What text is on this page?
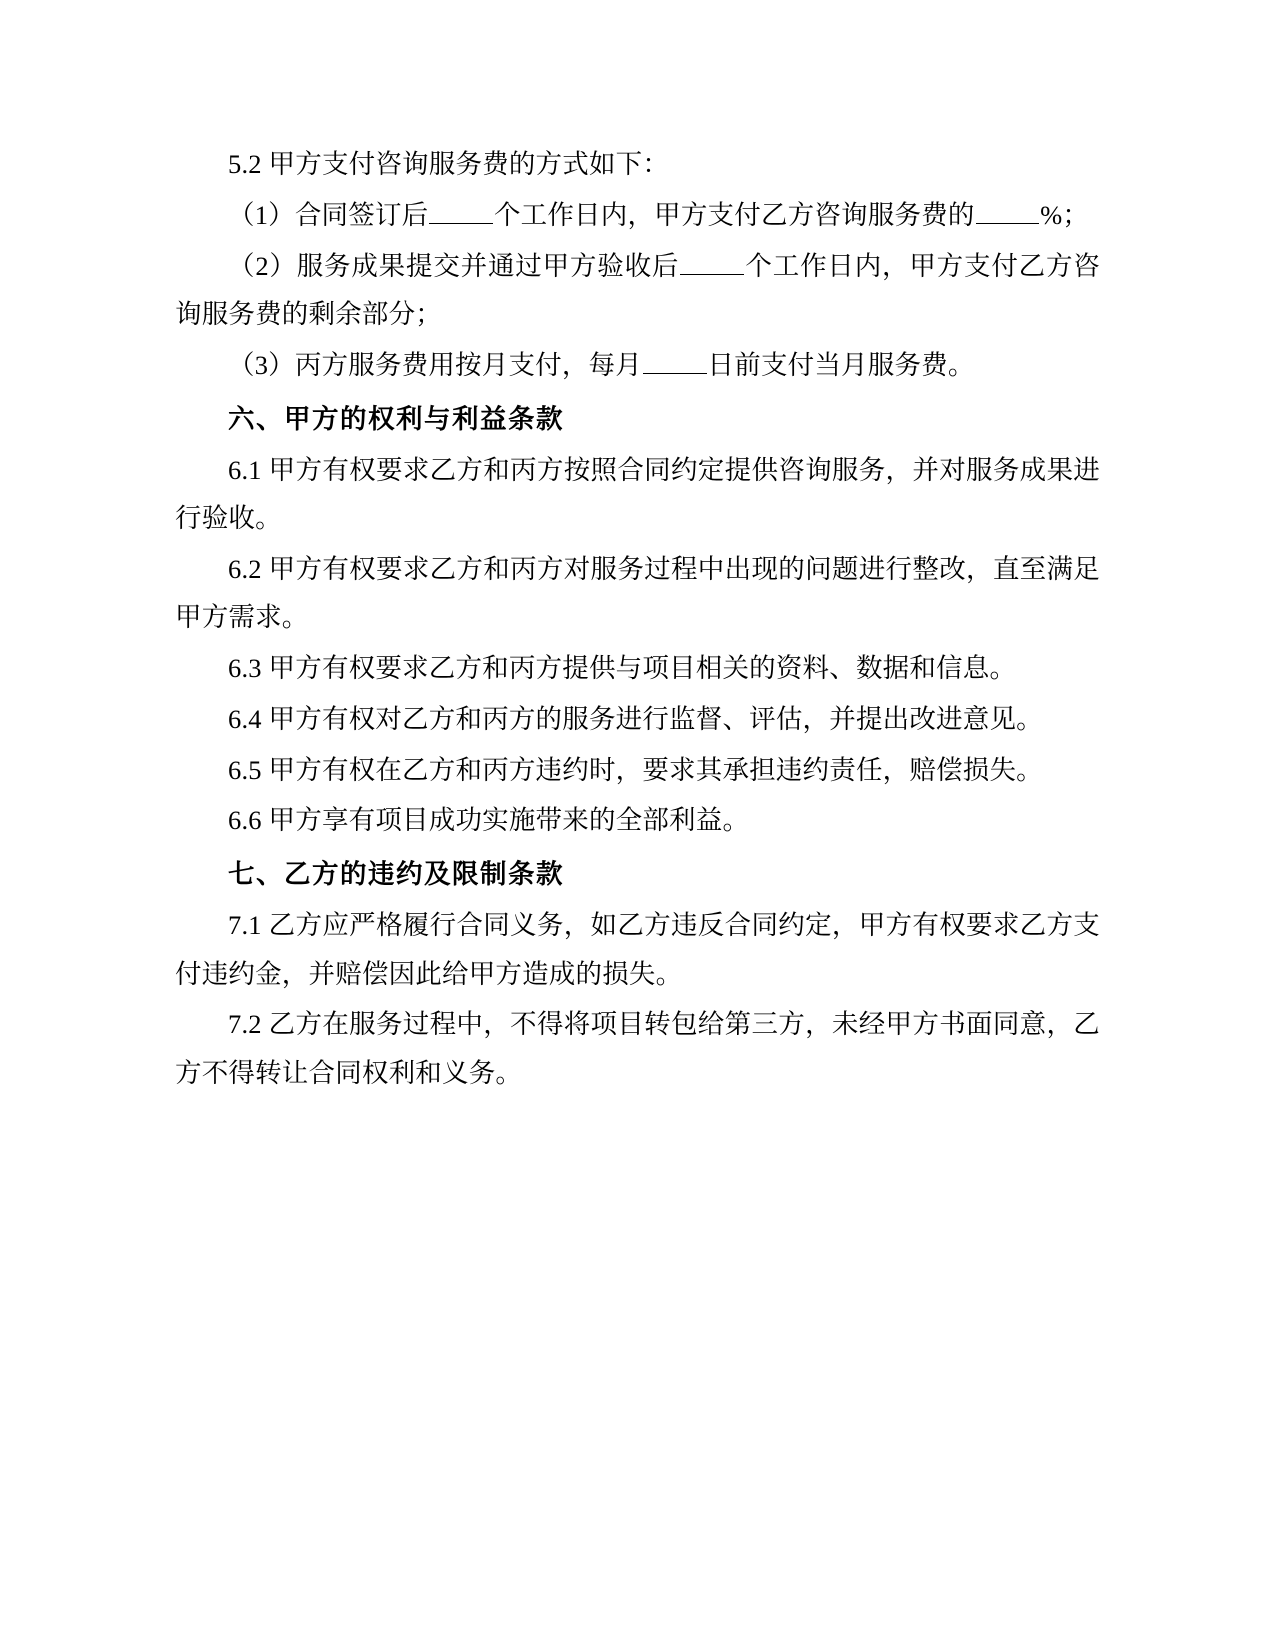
5.2 甲方支付咨询服务费的方式如下：

（1）合同签订后 个工作日内，甲方支付乙方咨询服务费的 %；

（2）服务成果提交并通过甲方验收后 个工作日内，甲方支付乙方咨询服务费的剩余部分；

（3）丙方服务费用按月支付，每月 日前支付当月服务费。

六、甲方的权利与利益条款

6.1 甲方有权要求乙方和丙方按照合同约定提供咨询服务，并对服务成果进行验收。

6.2 甲方有权要求乙方和丙方对服务过程中出现的问题进行整改，直至满足甲方需求。

6.3 甲方有权要求乙方和丙方提供与项目相关的资料、数据和信息。

6.4 甲方有权对乙方和丙方的服务进行监督、评估，并提出改进意见。

6.5 甲方有权在乙方和丙方违约时，要求其承担违约责任，赔偿损失。

6.6 甲方享有项目成功实施带来的全部利益。

七、乙方的违约及限制条款

7.1 乙方应严格履行合同义务，如乙方违反合同约定，甲方有权要求乙方支付违约金，并赔偿因此给甲方造成的损失。

7.2 乙方在服务过程中，不得将项目转包给第三方，未经甲方书面同意，乙方不得转让合同权利和义务。
